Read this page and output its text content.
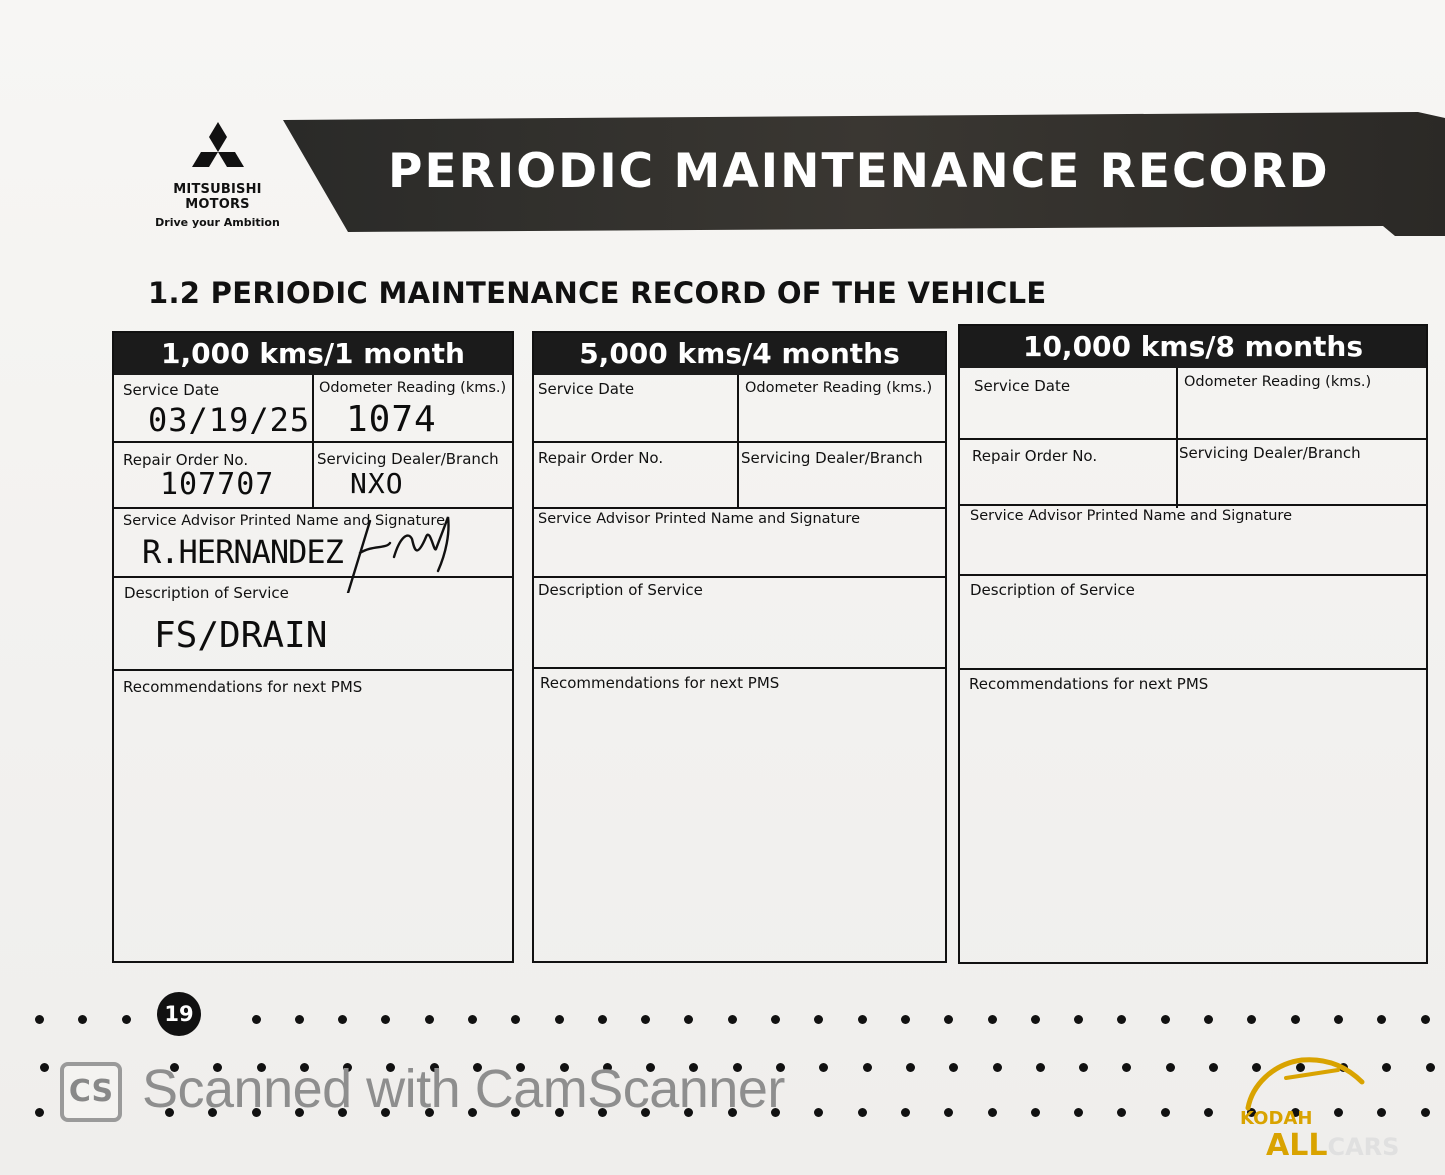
MITSUBISHI
MOTORS
Drive your Ambition
PERIODIC MAINTENANCE RECORD
1.2 PERIODIC MAINTENANCE RECORD OF THE VEHICLE
1,000 kms/1 month
Service Date	Odometer Reading (kms.)
03/19/25 1074
Repair Order No.	Servicing Dealer/Branch
107707	NXO
Service Advisor Printed Name and Signature
R.HERNANDEZ
Description of Service
FS/DRAIN
Recommendations for next PMS
5,000 kms/4 months
Service Date	Odometer Reading (kms.)
Repair Order No.	Servicing Dealer/Branch
Service Advisor Printed Name and Signature
Description of Service
Recommendations for next PMS
10,000 kms/8 months
Service Date	Odometer Reading (kms.)
Repair Order No.	Servicing Dealer/Branch
Service Advisor Printed Name and Signature
Description of Service
Recommendations for next PMS
19
CS Scanned with CamScanner	KODAH
ALLCARS
